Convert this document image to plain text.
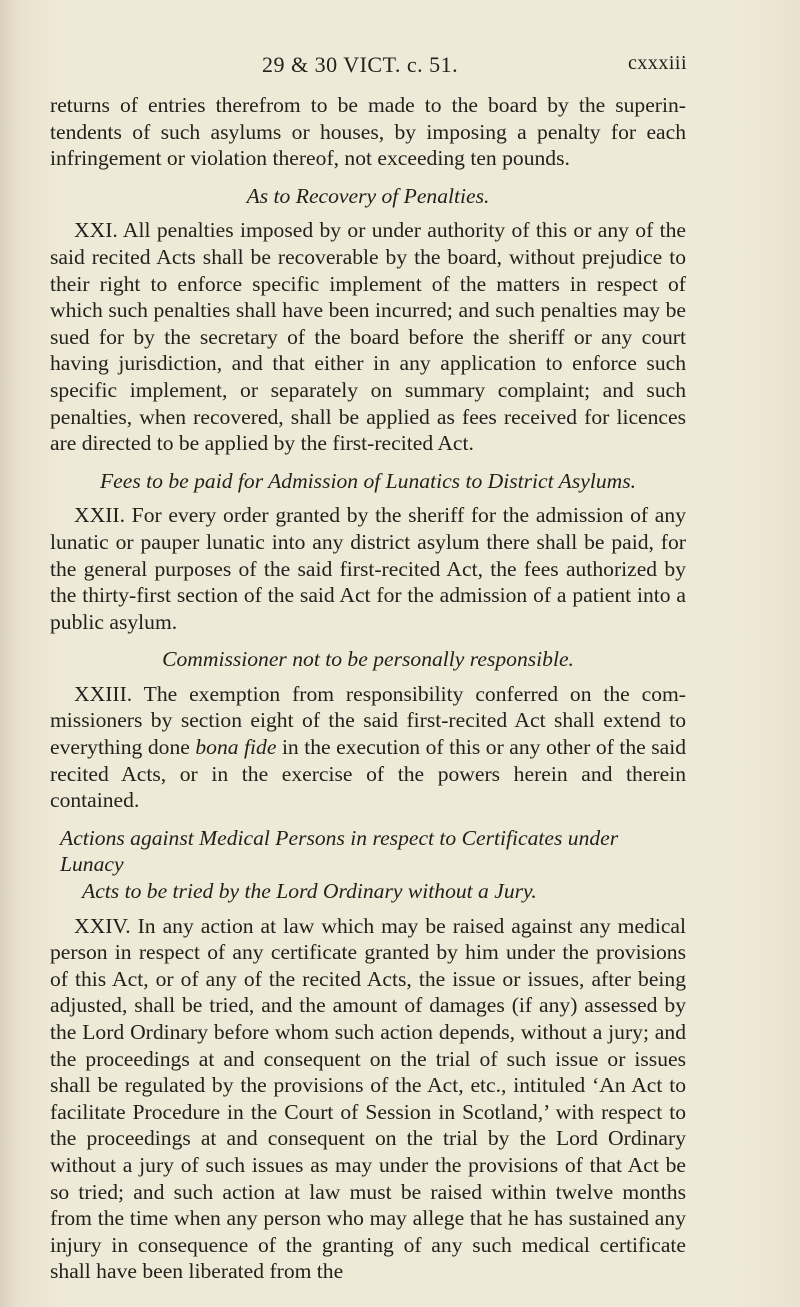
29 & 30 VICT. c. 51.	cxxxiii

returns of entries therefrom to be made to the board by the superintendents of such asylums or houses, by imposing a penalty for each infringement or violation thereof, not exceeding ten pounds.

As to Recovery of Penalties.

XXI. All penalties imposed by or under authority of this or any of the said recited Acts shall be recoverable by the board, without prejudice to their right to enforce specific implement of the matters in respect of which such penalties shall have been incurred; and such penalties may be sued for by the secretary of the board before the sheriff or any court having jurisdiction, and that either in any application to enforce such specific implement, or separately on summary complaint; and such penalties, when recovered, shall be applied as fees received for licences are directed to be applied by the first-recited Act.

Fees to be paid for Admission of Lunatics to District Asylums.

XXII. For every order granted by the sheriff for the admission of any lunatic or pauper lunatic into any district asylum there shall be paid, for the general purposes of the said first-recited Act, the fees authorized by the thirty-first section of the said Act for the admission of a patient into a public asylum.

Commissioner not to be personally responsible.

XXIII. The exemption from responsibility conferred on the commissioners by section eight of the said first-recited Act shall extend to everything done bona fide in the execution of this or any other of the said recited Acts, or in the exercise of the powers herein and therein contained.

Actions against Medical Persons in respect to Certificates under Lunacy
Acts to be tried by the Lord Ordinary without a Jury.

XXIV. In any action at law which may be raised against any medical person in respect of any certificate granted by him under the provisions of this Act, or of any of the recited Acts, the issue or issues, after being adjusted, shall be tried, and the amount of damages (if any) assessed by the Lord Ordinary before whom such action depends, without a jury; and the proceedings at and consequent on the trial of such issue or issues shall be regulated by the provisions of the Act, etc., intituled ‘An Act to facilitate Procedure in the Court of Session in Scotland,’ with respect to the proceedings at and consequent on the trial by the Lord Ordinary without a jury of such issues as may under the provisions of that Act be so tried; and such action at law must be raised within twelve months from the time when any person who may allege that he has sustained any injury in consequence of the granting of any such medical certificate shall have been liberated from the
